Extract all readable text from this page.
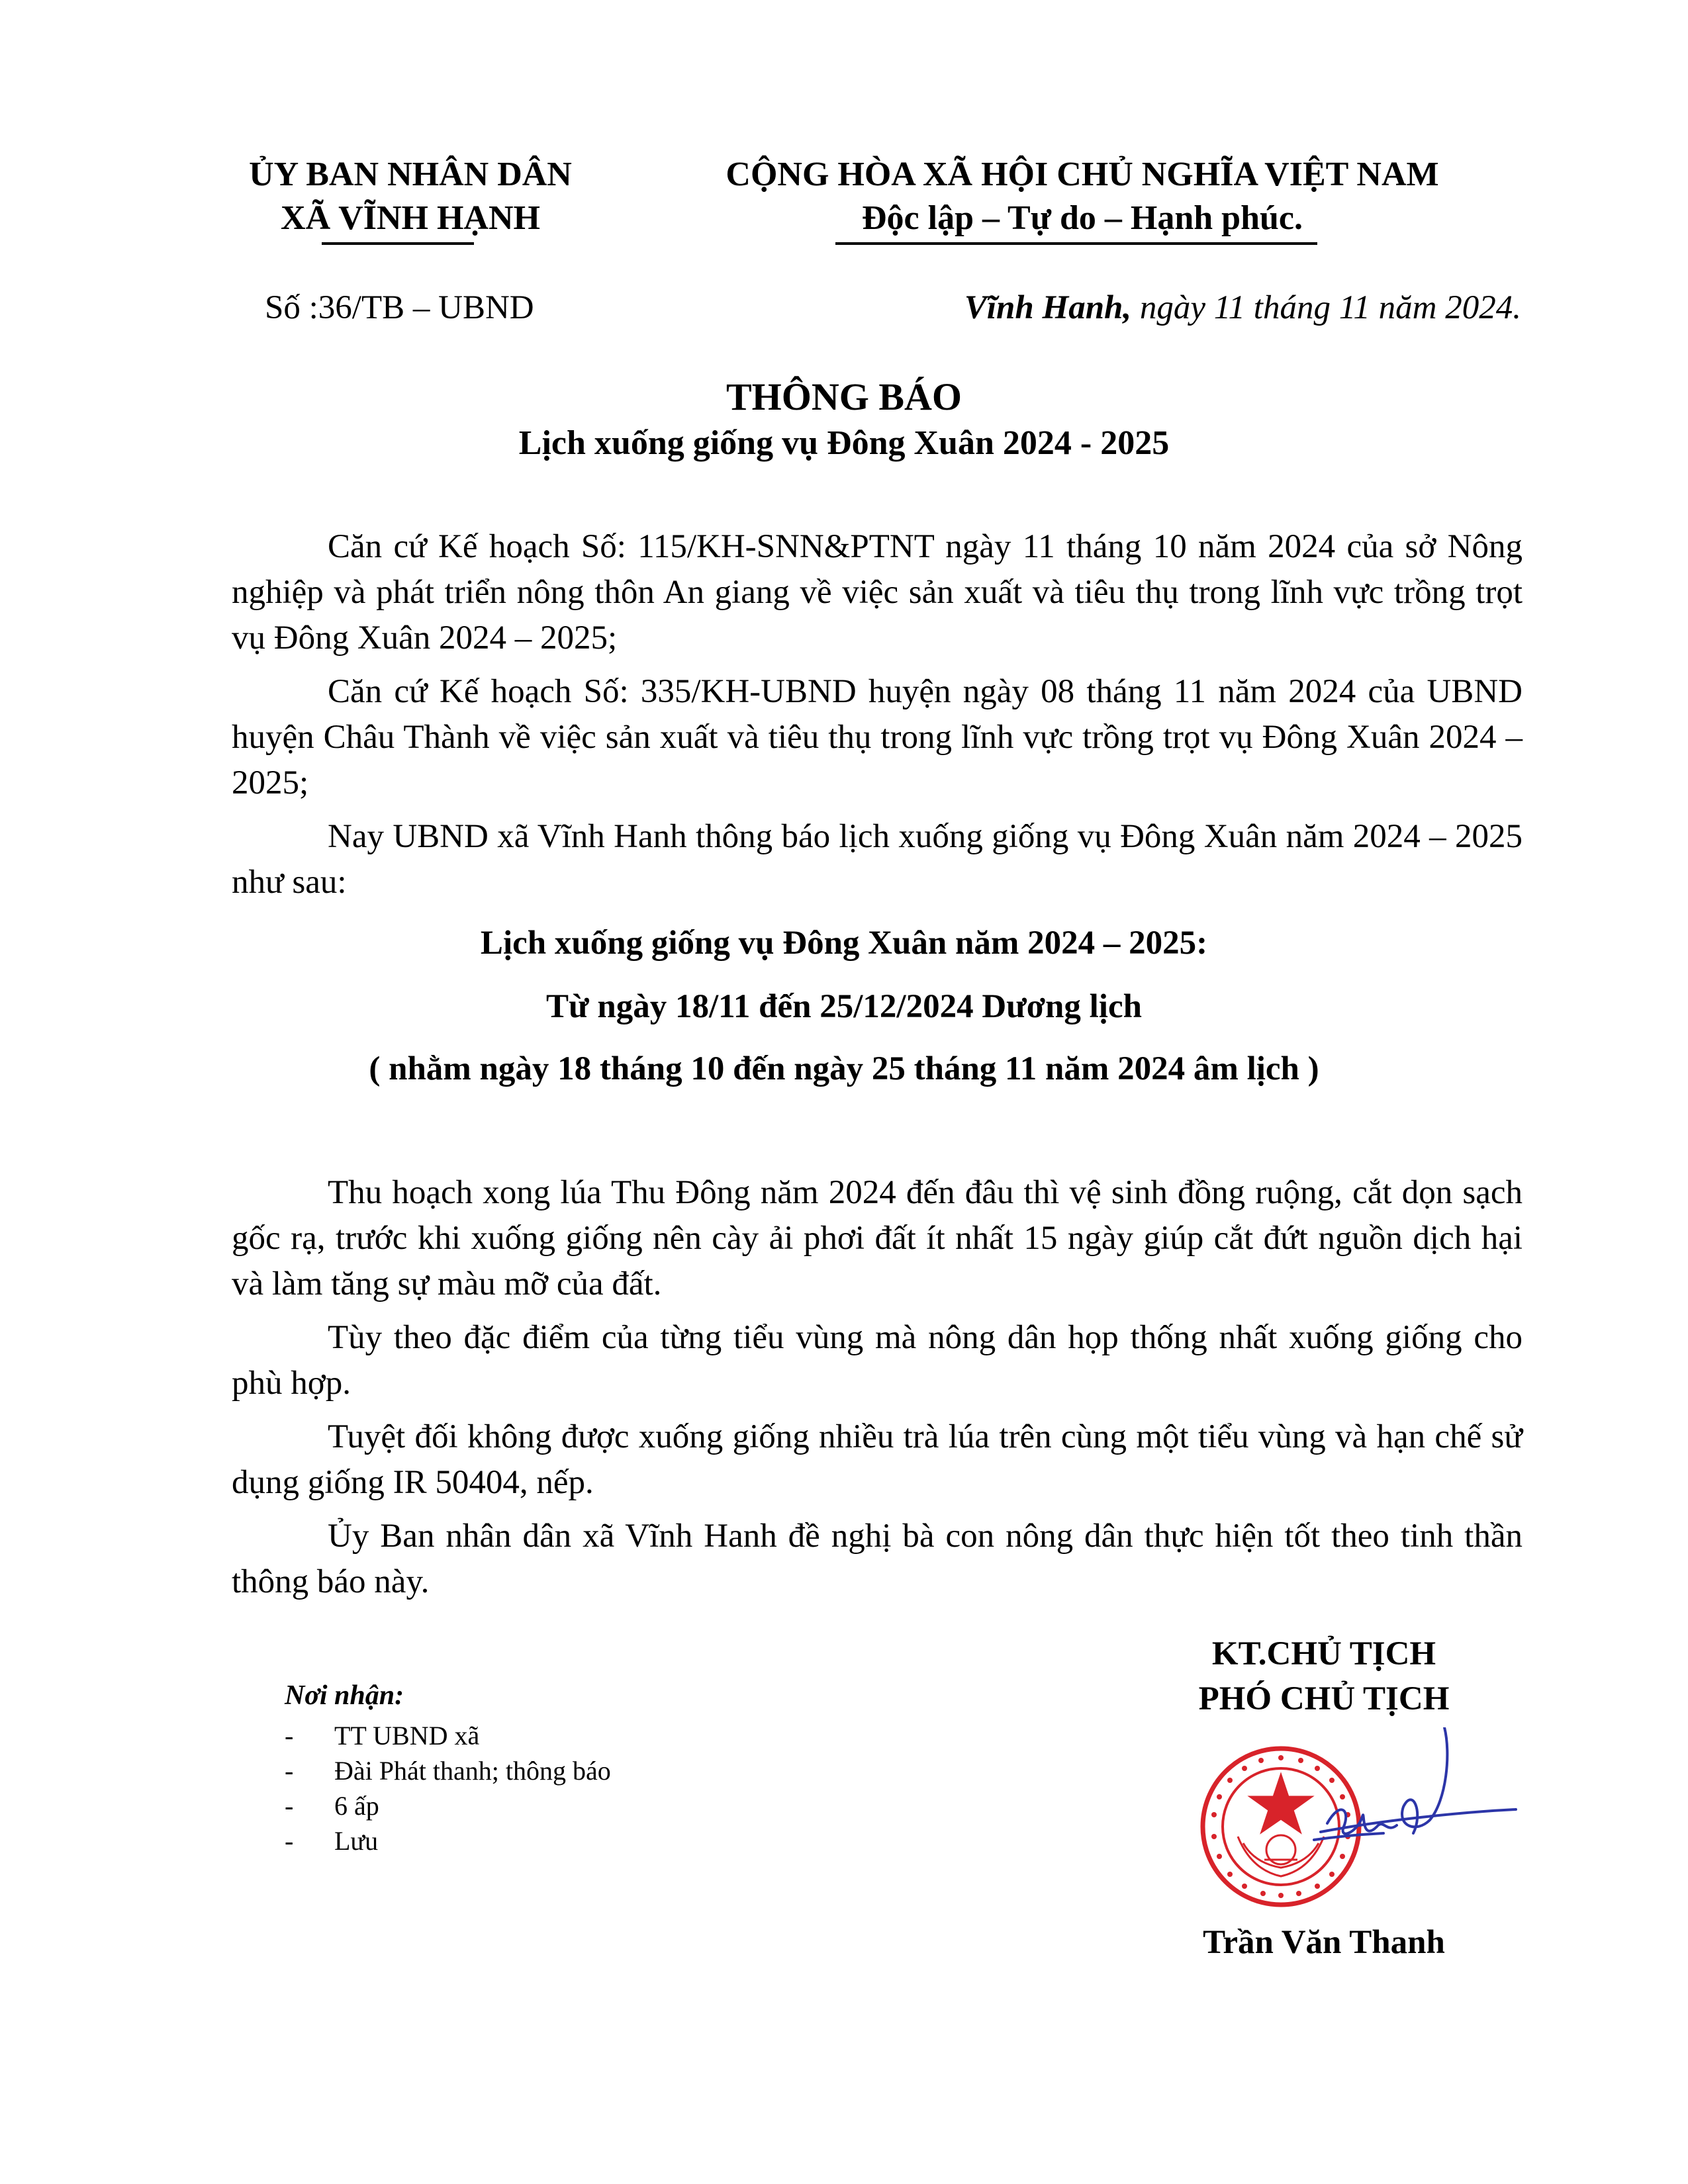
ỦY BAN NHÂN DÂN
XÃ VĨNH HẠNH
CỘNG HÒA XÃ HỘI CHỦ NGHĨA VIỆT NAM
Độc lập – Tự do – Hạnh phúc.
Số :36/TB – UBND	Vĩnh Hanh, ngày 11 tháng 11 năm 2024.
THÔNG BÁO
Lịch xuống giống vụ Đông Xuân 2024 - 2025

Căn cứ Kế hoạch Số: 115/KH-SNN&PTNT ngày 11 tháng 10 năm 2024 của sở Nông nghiệp và phát triển nông thôn An giang về việc sản xuất và tiêu thụ trong lĩnh vực trồng trọt vụ Đông Xuân 2024 – 2025;

Căn cứ Kế hoạch Số: 335/KH-UBND huyện ngày 08 tháng 11 năm 2024 của UBND huyện Châu Thành về việc sản xuất và tiêu thụ trong lĩnh vực trồng trọt vụ Đông Xuân 2024 – 2025;

Nay UBND xã Vĩnh Hanh thông báo lịch xuống giống vụ Đông Xuân năm 2024 – 2025 như sau:

Lịch xuống giống vụ Đông Xuân năm 2024 – 2025:
Từ ngày 18/11 đến 25/12/2024 Dương lịch
( nhằm ngày 18 tháng 10 đến ngày 25 tháng 11 năm 2024 âm lịch )

Thu hoạch xong lúa Thu Đông năm 2024 đến đâu thì vệ sinh đồng ruộng, cắt dọn sạch gốc rạ, trước khi xuống giống nên cày ải phơi đất ít nhất 15 ngày giúp cắt đứt nguồn dịch hại và làm tăng sự màu mỡ của đất.

Tùy theo đặc điểm của từng tiểu vùng mà nông dân họp thống nhất xuống giống cho phù hợp.

Tuyệt đối không được xuống giống nhiều trà lúa trên cùng một tiểu vùng và hạn chế sử dụng giống IR 50404, nếp.

Ủy Ban nhân dân xã Vĩnh Hanh đề nghị bà con nông dân thực hiện tốt theo tinh thần thông báo này.

Nơi nhận:
- TT UBND xã
- Đài Phát thanh; thông báo
- 6 ấp
- Lưu
KT.CHỦ TỊCH
PHÓ CHỦ TỊCH
Trần Văn Thanh
